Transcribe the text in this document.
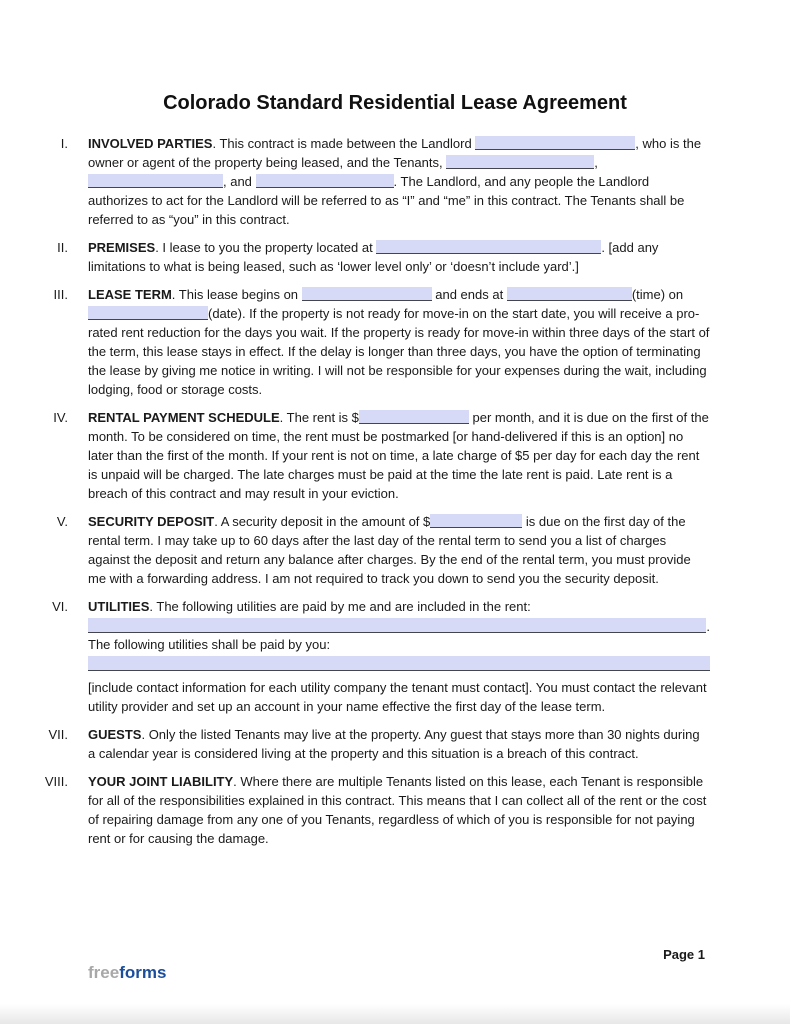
Colorado Standard Residential Lease Agreement
I. INVOLVED PARTIES. This contract is made between the Landlord	, who is the owner or agent of the property being leased, and the Tenants,	, , and	. The Landlord, and any people the Landlord authorizes to act for the Landlord will be referred to as “I” and “me” in this contract. The Tenants shall be referred to as “you” in this contract.
II. PREMISES. I lease to you the property located at	. [add any limitations to what is being leased, such as ‘lower level only’ or ‘doesn’t include yard’.]
III. LEASE TERM. This lease begins on	and ends at	(time) on (date). If the property is not ready for move-in on the start date, you will receive a pro-rated rent reduction for the days you wait. If the property is ready for move-in within three days of the start of the term, this lease stays in effect. If the delay is longer than three days, you have the option of terminating the lease by giving me notice in writing. I will not be responsible for your expenses during the wait, including lodging, food or storage costs.
IV. RENTAL PAYMENT SCHEDULE. The rent is $	per month, and it is due on the first of the month. To be considered on time, the rent must be postmarked [or hand-delivered if this is an option] no later than the first of the month. If your rent is not on time, a late charge of $5 per day for each day the rent is unpaid will be charged. The late charges must be paid at the time the late rent is paid. Late rent is a breach of this contract and may result in your eviction.
V. SECURITY DEPOSIT. A security deposit in the amount of $	is due on the first day of the rental term. I may take up to 60 days after the last day of the rental term to send you a list of charges against the deposit and return any balance after charges. By the end of the rental term, you must provide me with a forwarding address. I am not required to track you down to send you the security deposit.
VI. UTILITIES. The following utilities are paid by me and are included in the rent:
.
The following utilities shall be paid by you:
[include contact information for each utility company the tenant must contact]. You must contact the relevant utility provider and set up an account in your name effective the first day of the lease term.
VII. GUESTS. Only the listed Tenants may live at the property. Any guest that stays more than 30 nights during a calendar year is considered living at the property and this situation is a breach of this contract.
VIII. YOUR JOINT LIABILITY. Where there are multiple Tenants listed on this lease, each Tenant is responsible for all of the responsibilities explained in this contract. This means that I can collect all of the rent or the cost of repairing damage from any one of you Tenants, regardless of which of you is responsible for not paying rent or for causing the damage.
Page 1
freeforms
